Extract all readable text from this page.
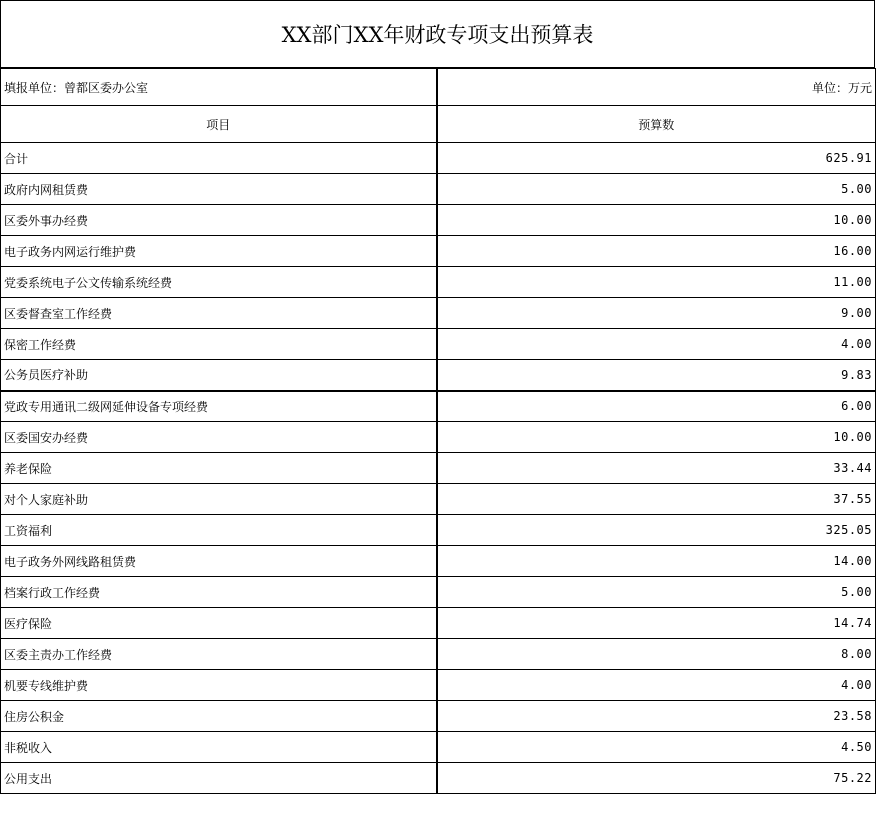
XX部门XX年财政专项支出预算表
填报单位：曾都区委办公室	单位：万元
项目	预算数
合计	625.91
政府内网租赁费	5.00
区委外事办经费	10.00
电子政务内网运行维护费	16.00
党委系统电子公文传输系统经费	11.00
区委督查室工作经费	9.00
保密工作经费	4.00
公务员医疗补助	9.83
党政专用通讯二级网延伸设备专项经费	6.00
区委国安办经费	10.00
养老保险	33.44
对个人家庭补助	37.55
工资福利	325.05
电子政务外网线路租赁费	14.00
档案行政工作经费	5.00
医疗保险	14.74
区委主责办工作经费	8.00
机要专线维护费	4.00
住房公积金	23.58
非税收入	4.50
公用支出	75.22
